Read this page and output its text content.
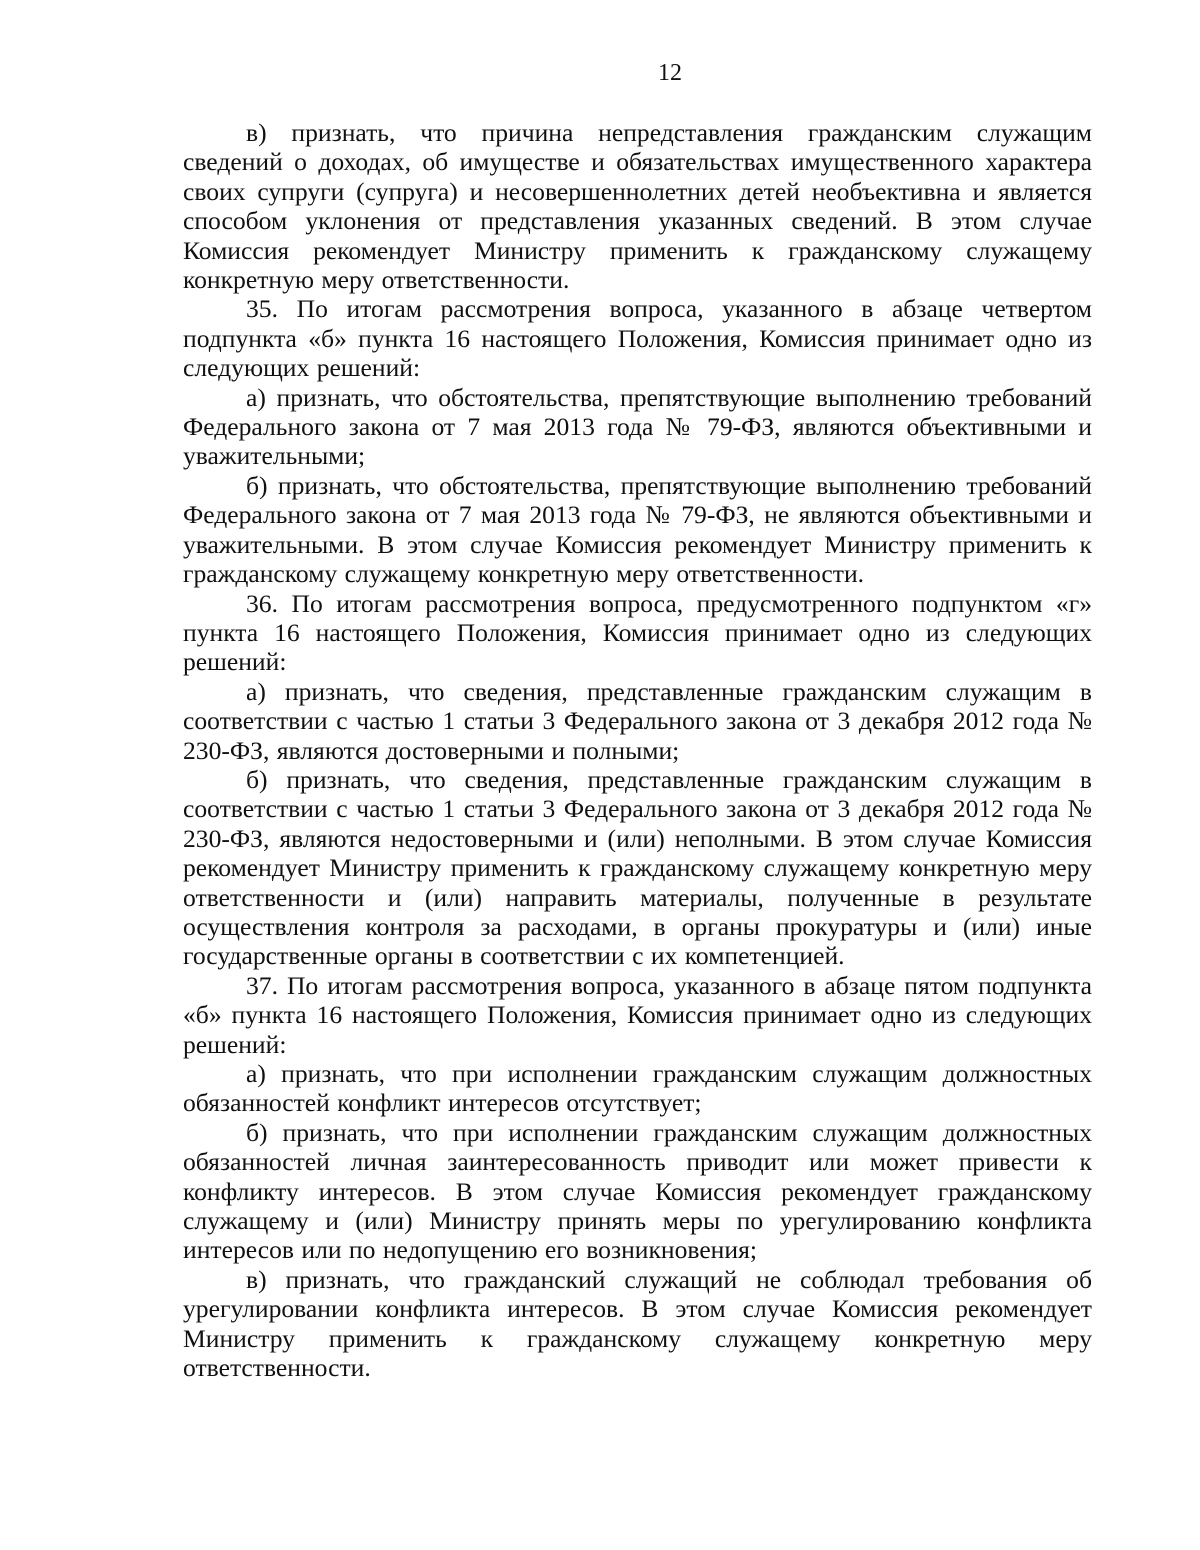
12

в) признать, что причина непредставления гражданским служащим сведений о доходах, об имуществе и обязательствах имущественного характера своих супруги (супруга) и несовершеннолетних детей необъективна и является способом уклонения от представления указанных сведений. В этом случае Комиссия рекомендует Министру применить к гражданскому служащему конкретную меру ответственности.

35. По итогам рассмотрения вопроса, указанного в абзаце четвертом подпункта «б» пункта 16 настоящего Положения, Комиссия принимает одно из следующих решений:

а) признать, что обстоятельства, препятствующие выполнению требований Федерального закона от 7 мая 2013 года № 79-ФЗ, являются объективными и уважительными;

б) признать, что обстоятельства, препятствующие выполнению требований Федерального закона от 7 мая 2013 года № 79-ФЗ, не являются объективными и уважительными. В этом случае Комиссия рекомендует Министру применить к гражданскому служащему конкретную меру ответственности.

36. По итогам рассмотрения вопроса, предусмотренного подпунктом «г» пункта 16 настоящего Положения, Комиссия принимает одно из следующих решений:

а) признать, что сведения, представленные гражданским служащим в соответствии с частью 1 статьи 3 Федерального закона от 3 декабря 2012 года № 230-ФЗ, являются достоверными и полными;

б) признать, что сведения, представленные гражданским служащим в соответствии с частью 1 статьи 3 Федерального закона от 3 декабря 2012 года № 230-ФЗ, являются недостоверными и (или) неполными. В этом случае Комиссия рекомендует Министру применить к гражданскому служащему конкретную меру ответственности и (или) направить материалы, полученные в результате осуществления контроля за расходами, в органы прокуратуры и (или) иные государственные органы в соответствии с их компетенцией.

37. По итогам рассмотрения вопроса, указанного в абзаце пятом подпункта «б» пункта 16 настоящего Положения, Комиссия принимает одно из следующих решений:

а) признать, что при исполнении гражданским служащим должностных обязанностей конфликт интересов отсутствует;

б) признать, что при исполнении гражданским служащим должностных обязанностей личная заинтересованность приводит или может привести к конфликту интересов. В этом случае Комиссия рекомендует гражданскому служащему и (или) Министру принять меры по урегулированию конфликта интересов или по недопущению его возникновения;

в) признать, что гражданский служащий не соблюдал требования об урегулировании конфликта интересов. В этом случае Комиссия рекомендует Министру применить к гражданскому служащему конкретную меру ответственности.
